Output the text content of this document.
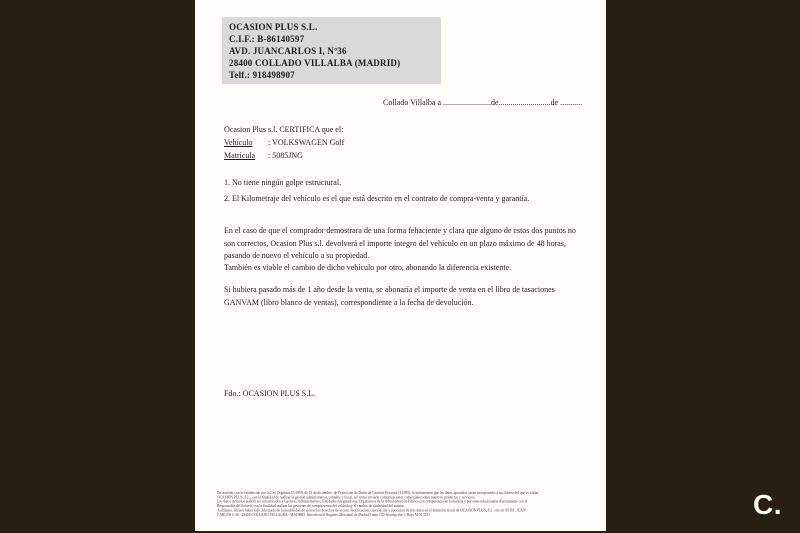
OCASION PLUS S.L.
C.I.F.: B-86140597
AVD. JUANCARLOS I, Nº36
28400 COLLADO VILLALBA (MADRID)
Telf.: 918498907
Collado Villalba a ........................de..........................de ...........
Ocasion Plus s.l. CERTIFICA que el:
Vehículo : VOLKSWAGEN Golf
Matrícula : 5085JNG
1. No tiene ningún golpe estructural.
2. El Kilometraje del vehículo es el que está descrito en el contrato de compra-venta y garantía.
En el caso de que el comprador demostrara de una forma fehaciente y clara que alguno de estos dos puntos no son correctos, Ocasion Plus s.l. devolverá el importe íntegro del vehículo en un plazo máximo de 48 horas, pasando de nuevo el vehículo a su propiedad.
También es viable el cambio de dicho vehículo por otro, abonando la diferencia existente.
Si hubiera pasado más de 1 año desde la venta, se abonaría el importe de venta en el libro de tasaciones GANVAM (libro blanco de ventas), correspondiente a la fecha de devolución.
Fdo.: OCASION PLUS S.L.
De acuerdo con lo establecido por la Ley Orgánica 15/1999, de 13 de diciembre, de Protección de Datos de Carácter Personal (LOPD), le informamos que los datos aportados serán incorporados a un fichero del que es titular
OCASIÓN PLUS, S.L., con la finalidad de realizar la gestión administrativa, contable y fiscal, así como enviarle comunicaciones comerciales sobre nuestros productos y servicios.
Los datos incluidos podrán ser comunicados a Gestores Administrativos, Entidades Aseguradoras, Organismos de la Administración Pública con competencia en la materia y personas relacionadas directamente con el
Responsable del fichero, con la finalidad realizar las gestiones de compra-venta del vehículo y el cambio de titularidad del mismo.
Asimismo, declaro haber sido informado de la posibilidad de ejercer los derechos de acceso, rectificación, cancelación y oposición de mis datos en el domicilio fiscal de OCASIÓN PLUS, S.L. sito en AVDA. JUAN
CARLOS I, 36 - 28400 COLLADO VILLALBA - MADRID. Inscrita en el Registro Mercantil de Madrid Tomo 130, Inscripción 1, Hoja M-513731.	C.
